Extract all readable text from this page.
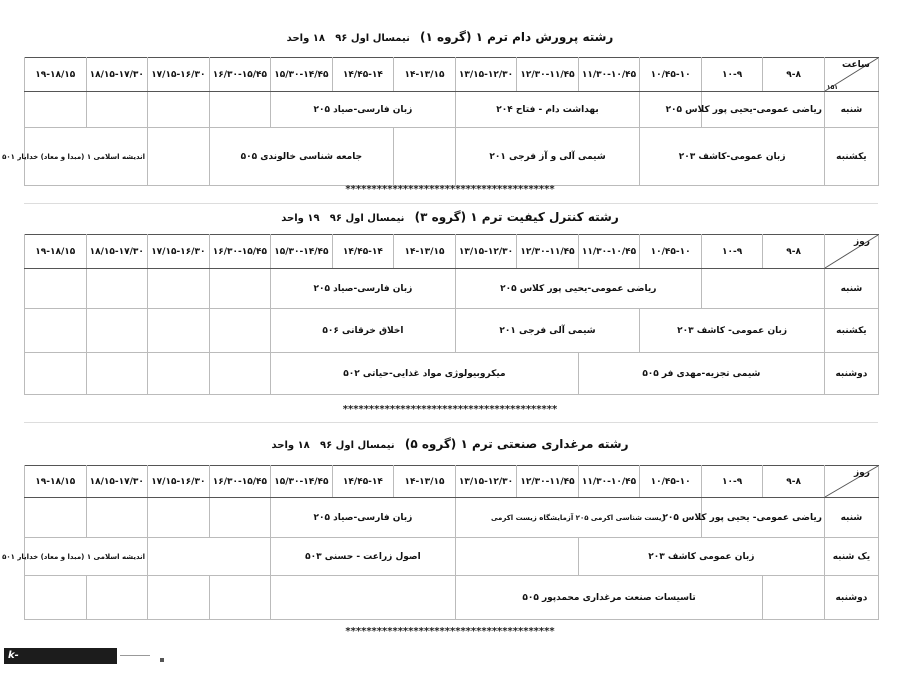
رشته پرورش دام ترم ۱ (گروه ۱) نیمسال اول ۹۶ ۱۸ واحد
ساعت
۱۵۱	۹-۸	۱۰-۹	۱۰/۴۵-۱۰	۱۱/۳۰-۱۰/۴۵	۱۲/۳۰-۱۱/۴۵	۱۳/۱۵-۱۲/۳۰	۱۴-۱۳/۱۵	۱۴/۴۵-۱۴	۱۵/۳۰-۱۴/۴۵	۱۶/۳۰-۱۵/۴۵	۱۷/۱۵-۱۶/۳۰	۱۸/۱۵-۱۷/۳۰	۱۹-۱۸/۱۵
شنبه	ریاضی عمومی-یحیی پور کلاس ۲۰۵			بهداشت دام - فتاح ۲۰۴			زبان فارسی-صیاد ۲۰۵						
یکشنبه	زبان عمومی-کاشف ۲۰۳			شیمی آلی و آز فرجی ۲۰۱				جامعه شناسی خالوندی ۵۰۵				اندیشه اسلامی ۱ (مبدا و معاد) خدایار ۵۰۱	
****************************************
رشته کنترل کیفیت ترم ۱ (گروه ۳) نیمسال اول ۹۶ ۱۹ واحد
روز	۹-۸	۱۰-۹	۱۰/۴۵-۱۰	۱۱/۳۰-۱۰/۴۵	۱۲/۳۰-۱۱/۴۵	۱۳/۱۵-۱۲/۳۰	۱۴-۱۳/۱۵	۱۴/۴۵-۱۴	۱۵/۳۰-۱۴/۴۵	۱۶/۳۰-۱۵/۴۵	۱۷/۱۵-۱۶/۳۰	۱۸/۱۵-۱۷/۳۰	۱۹-۱۸/۱۵
شنبه			ریاضی عمومی-یحیی پور کلاس ۲۰۵				زبان فارسی-صیاد ۲۰۵						
یکشنبه	زبان عمومی- کاشف ۲۰۳			شیمی آلی فرجی ۲۰۱			اخلاق خرقانی ۵۰۶						
دوشنبه	شیمی تجزیه-مهدی فر ۵۰۵				میکروبیولوژی مواد غذایی-حیاتی ۵۰۲								
*****************************************
رشته مرغداری صنعتی ترم ۱ (گروه ۵) نیمسال اول ۹۶ ۱۸ واحد
روز	۹-۸	۱۰-۹	۱۰/۴۵-۱۰	۱۱/۳۰-۱۰/۴۵	۱۲/۳۰-۱۱/۴۵	۱۳/۱۵-۱۲/۳۰	۱۴-۱۳/۱۵	۱۴/۴۵-۱۴	۱۵/۳۰-۱۴/۴۵	۱۶/۳۰-۱۵/۴۵	۱۷/۱۵-۱۶/۳۰	۱۸/۱۵-۱۷/۳۰	۱۹-۱۸/۱۵
شنبه	ریاضی عمومی- یحیی پور کلاس ۲۰۵		زیست شناسی اکرمی ۲۰۵ آزمایشگاه زیست اکرمی				زبان فارسی-صیاد ۲۰۵						
یک شنبه	زبان عمومی کاشف ۲۰۳						اصول زراعت - حسنی ۵۰۳					اندیشه اسلامی ۱ (مبدا و معاد) خدایار ۵۰۱	
دوشنبه		تاسیسات صنعت مرغداری محمدپور ۵۰۵											
****************************************
k-shahryar.tvu.ac.ir
